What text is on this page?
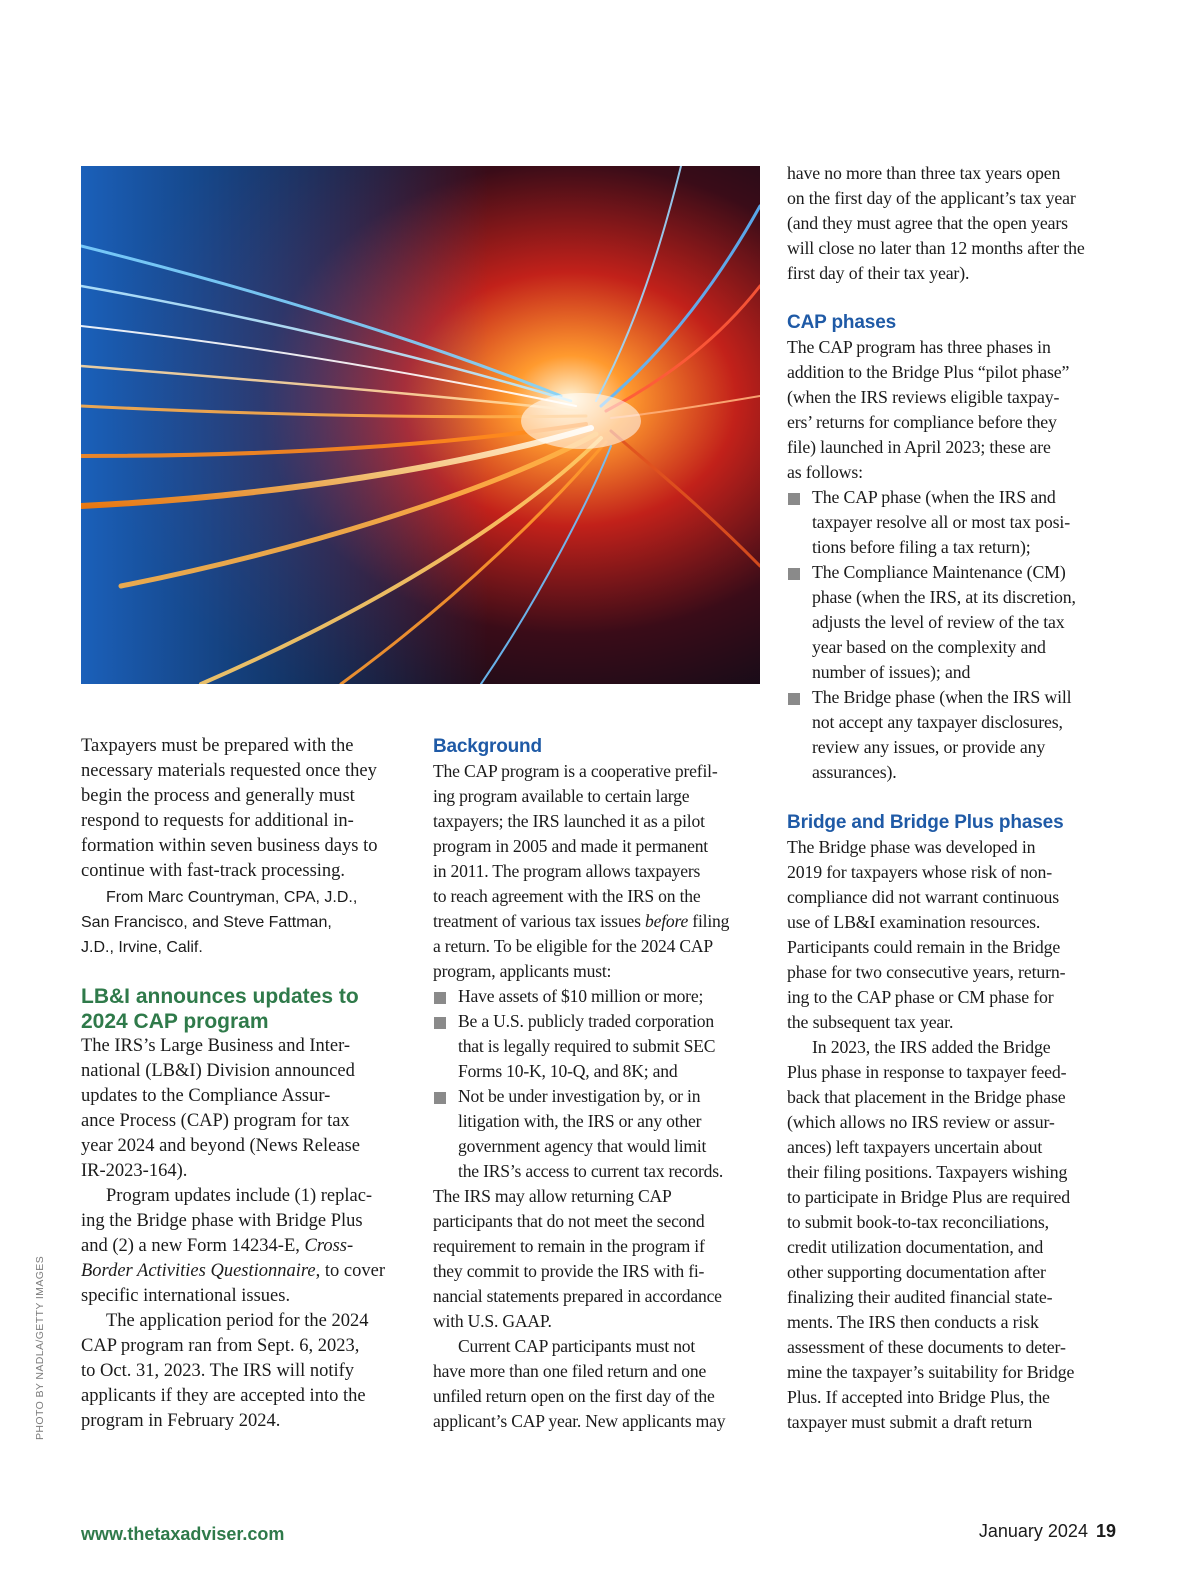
PHOTO BY NADLA/GETTY IMAGES

Taxpayers must be prepared with the
necessary materials requested once they
begin the process and generally must
respond to requests for additional in-
formation within seven business days to
continue with fast-track processing.

From Marc Countryman, CPA, J.D.,
San Francisco, and Steve Fattman,
J.D., Irvine, Calif.

LB&I announces updates to
2024 CAP program

The IRS’s Large Business and Inter-
national (LB&I) Division announced
updates to the Compliance Assur-
ance Process (CAP) program for tax
year 2024 and beyond (News Release
IR-2023-164).

Program updates include (1) replac-
ing the Bridge phase with Bridge Plus
and (2) a new Form 14234-E, Cross-
Border Activities Questionnaire, to cover
specific international issues.

The application period for the 2024
CAP program ran from Sept. 6, 2023,
to Oct. 31, 2023. The IRS will notify
applicants if they are accepted into the
program in February 2024.

Background

The CAP program is a cooperative prefil-
ing program available to certain large
taxpayers; the IRS launched it as a pilot
program in 2005 and made it permanent
in 2011. The program allows taxpayers
to reach agreement with the IRS on the
treatment of various tax issues before filing
a return. To be eligible for the 2024 CAP
program, applicants must:

Have assets of $10 million or more;
Be a U.S. publicly traded corporation
that is legally required to submit SEC
Forms 10-K, 10-Q, and 8K; and
Not be under investigation by, or in
litigation with, the IRS or any other
government agency that would limit
the IRS’s access to current tax records.

The IRS may allow returning CAP
participants that do not meet the second
requirement to remain in the program if
they commit to provide the IRS with fi-
nancial statements prepared in accordance
with U.S. GAAP.

Current CAP participants must not
have more than one filed return and one
unfiled return open on the first day of the
applicant’s CAP year. New applicants may

have no more than three tax years open
on the first day of the applicant’s tax year
(and they must agree that the open years
will close no later than 12 months after the
first day of their tax year).

CAP phases

The CAP program has three phases in
addition to the Bridge Plus “pilot phase”
(when the IRS reviews eligible taxpay-
ers’ returns for compliance before they
file) launched in April 2023; these are
as follows:

The CAP phase (when the IRS and
taxpayer resolve all or most tax posi-
tions before filing a tax return);
The Compliance Maintenance (CM)
phase (when the IRS, at its discretion,
adjusts the level of review of the tax
year based on the complexity and
number of issues); and
The Bridge phase (when the IRS will
not accept any taxpayer disclosures,
review any issues, or provide any
assurances).
Bridge and Bridge Plus phases

The Bridge phase was developed in
2019 for taxpayers whose risk of non-
compliance did not warrant continuous
use of LB&I examination resources.
Participants could remain in the Bridge
phase for two consecutive years, return-
ing to the CAP phase or CM phase for
the subsequent tax year.

In 2023, the IRS added the Bridge
Plus phase in response to taxpayer feed-
back that placement in the Bridge phase
(which allows no IRS review or assur-
ances) left taxpayers uncertain about
their filing positions. Taxpayers wishing
to participate in Bridge Plus are required
to submit book-to-tax reconciliations,
credit utilization documentation, and
other supporting documentation after
finalizing their audited financial state-
ments. The IRS then conducts a risk
assessment of these documents to deter-
mine the taxpayer’s suitability for Bridge
Plus. If accepted into Bridge Plus, the
taxpayer must submit a draft return

www.thetaxadviser.com	January 2024 19
